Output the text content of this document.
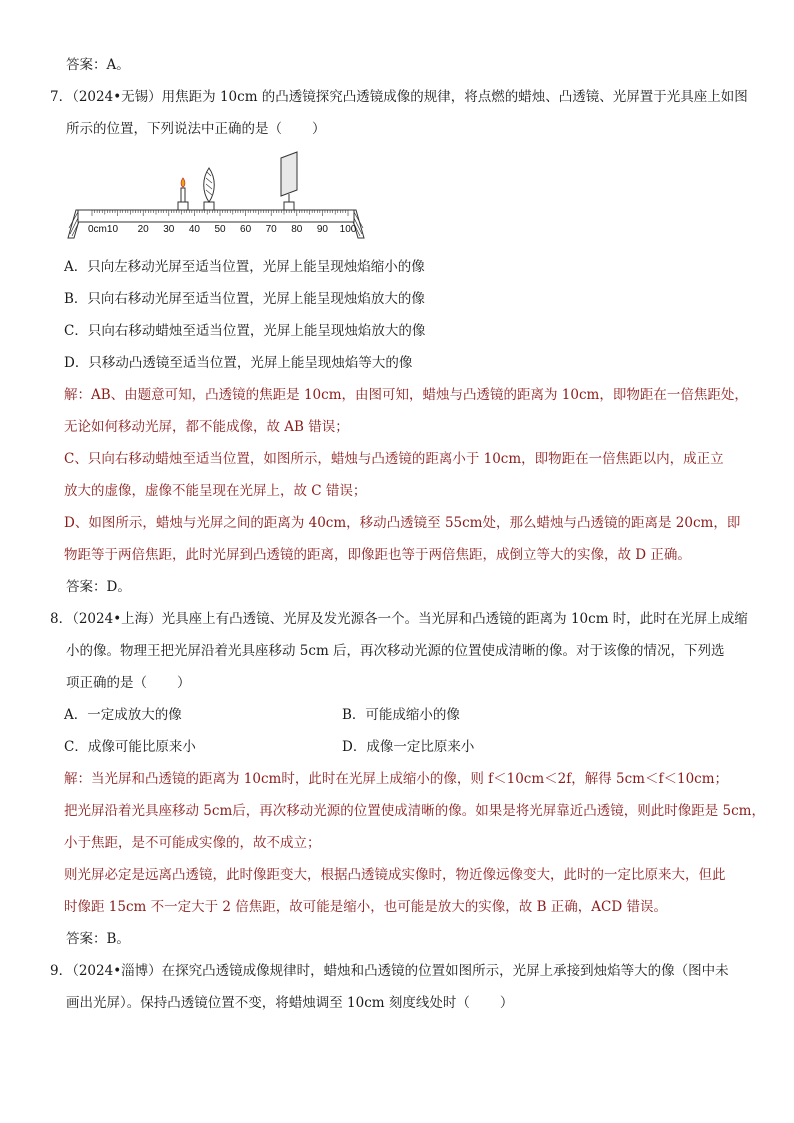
答案：A。
7．（2024•无锡）用焦距为 10cm 的凸透镜探究凸透镜成像的规律，将点燃的蜡烛、凸透镜、光屏置于光具座上如图
所示的位置，下列说法中正确的是（ ）
0cm10 20 30 40 50 60 70 80 90 100
A．只向左移动光屏至适当位置，光屏上能呈现烛焰缩小的像
B．只向右移动光屏至适当位置，光屏上能呈现烛焰放大的像
C．只向右移动蜡烛至适当位置，光屏上能呈现烛焰放大的像
D．只移动凸透镜至适当位置，光屏上能呈现烛焰等大的像
解：AB、由题意可知，凸透镜的焦距是 10cm，由图可知，蜡烛与凸透镜的距离为 10cm，即物距在一倍焦距处，
无论如何移动光屏，都不能成像，故 AB 错误；
C、只向右移动蜡烛至适当位置，如图所示，蜡烛与凸透镜的距离小于 10cm，即物距在一倍焦距以内，成正立
放大的虚像，虚像不能呈现在光屏上，故 C 错误；
D、如图所示，蜡烛与光屏之间的距离为 40cm，移动凸透镜至 55cm处，那么蜡烛与凸透镜的距离是 20cm，即
物距等于两倍焦距，此时光屏到凸透镜的距离，即像距也等于两倍焦距，成倒立等大的实像，故 D 正确。
答案：D。
8．（2024•上海）光具座上有凸透镜、光屏及发光源各一个。当光屏和凸透镜的距离为 10cm 时，此时在光屏上成缩
小的像。物理王把光屏沿着光具座移动 5cm 后，再次移动光源的位置使成清晰的像。对于该像的情况，下列选
项正确的是（ ）
A．一定成放大的像	B．可能成缩小的像
C．成像可能比原来小	D．成像一定比原来小
解：当光屏和凸透镜的距离为 10cm时，此时在光屏上成缩小的像，则 f＜10cm＜2f，解得 5cm＜f＜10cm；
把光屏沿着光具座移动 5cm后，再次移动光源的位置使成清晰的像。如果是将光屏靠近凸透镜，则此时像距是 5cm，
小于焦距，是不可能成实像的，故不成立；
则光屏必定是远离凸透镜，此时像距变大，根据凸透镜成实像时，物近像远像变大，此时的一定比原来大，但此
时像距 15cm 不一定大于 2 倍焦距，故可能是缩小，也可能是放大的实像，故 B 正确，ACD 错误。
答案：B。
9．（2024•淄博）在探究凸透镜成像规律时，蜡烛和凸透镜的位置如图所示，光屏上承接到烛焰等大的像（图中未
画出光屏）。保持凸透镜位置不变，将蜡烛调至 10cm 刻度线处时（ ）
